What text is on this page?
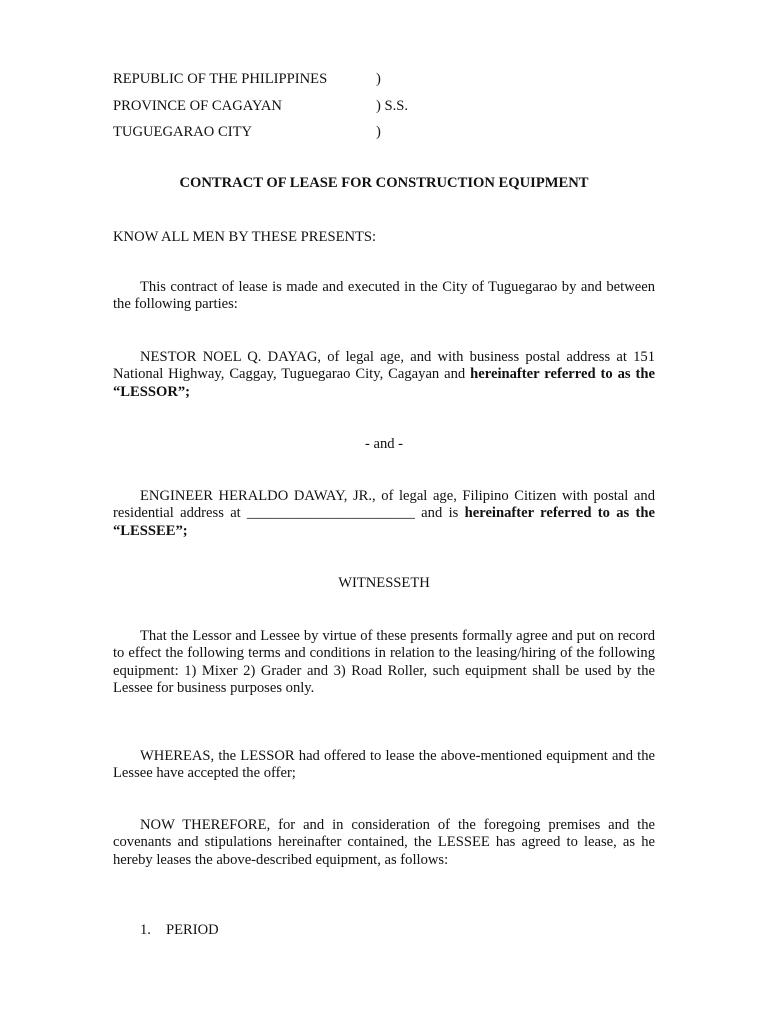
REPUBLIC OF THE PHILIPPINES	)
PROVINCE OF CAGAYAN	) S.S.
TUGUEGARAO CITY	)
CONTRACT OF LEASE FOR CONSTRUCTION EQUIPMENT
KNOW ALL MEN BY THESE PRESENTS:

This contract of lease is made and executed in the City of Tuguegarao by and between the following parties:

NESTOR NOEL Q. DAYAG, of legal age, and with business postal address at 151 National Highway, Caggay, Tuguegarao City, Cagayan and hereinafter referred to as the “LESSOR”;

- and -

ENGINEER HERALDO DAWAY, JR., of legal age, Filipino Citizen with postal and residential address at _______________________ and is hereinafter referred to as the “LESSEE”;

WITNESSETH

That the Lessor and Lessee by virtue of these presents formally agree and put on record to effect the following terms and conditions in relation to the leasing/hiring of the following equipment: 1) Mixer 2) Grader and 3) Road Roller, such equipment shall be used by the Lessee for business purposes only.

WHEREAS, the LESSOR had offered to lease the above-mentioned equipment and the Lessee have accepted the offer;

NOW THEREFORE, for and in consideration of the foregoing premises and the covenants and stipulations hereinafter contained, the LESSEE has agreed to lease, as he hereby leases the above-described equipment, as follows:

1. PERIOD
